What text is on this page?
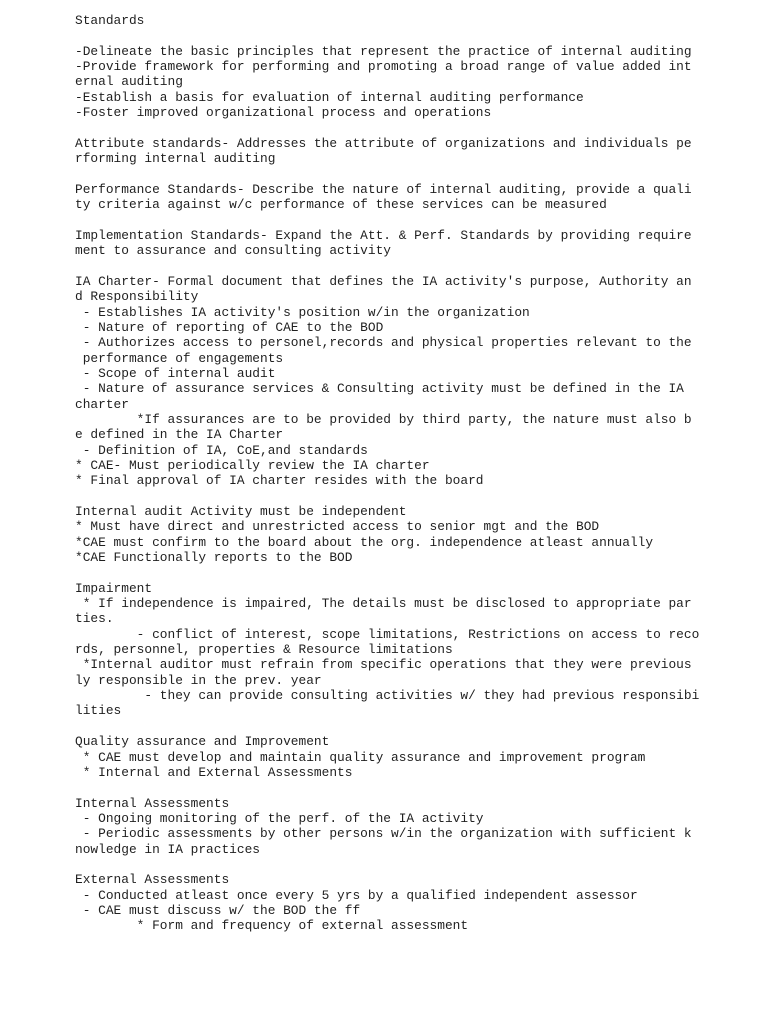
Standards
-Delineate the basic principles that represent the practice of internal auditing
-Provide framework for performing and promoting a broad range of value added int
ernal auditing
-Establish a basis for evaluation of internal auditing performance
-Foster improved organizational process and operations
Attribute standards- Addresses the attribute of organizations and individuals pe
rforming internal auditing
Performance Standards- Describe the nature of internal auditing, provide a quali
ty criteria against w/c performance of these services can be measured
Implementation Standards- Expand the Att. & Perf. Standards by providing require
ment to assurance and consulting activity
IA Charter- Formal document that defines the IA activity's purpose, Authority an
d Responsibility
- Establishes IA activity's position w/in the organization
- Nature of reporting of CAE to the BOD
- Authorizes access to personel,records and physical properties relevant to the
performance of engagements
- Scope of internal audit
- Nature of assurance services & Consulting activity must be defined in the IA
charter
*If assurances are to be provided by third party, the nature must also b
e defined in the IA Charter
- Definition of IA, CoE,and standards
* CAE- Must periodically review the IA charter
* Final approval of IA charter resides with the board
Internal audit Activity must be independent
* Must have direct and unrestricted access to senior mgt and the BOD
*CAE must confirm to the board about the org. independence atleast annually
*CAE Functionally reports to the BOD
Impairment
* If independence is impaired, The details must be disclosed to appropriate par
ties.
- conflict of interest, scope limitations, Restrictions on access to reco
rds, personnel, properties & Resource limitations
*Internal auditor must refrain from specific operations that they were previous
ly responsible in the prev. year
- they can provide consulting activities w/ they had previous responsibi
lities
Quality assurance and Improvement
* CAE must develop and maintain quality assurance and improvement program
* Internal and External Assessments
Internal Assessments
- Ongoing monitoring of the perf. of the IA activity
- Periodic assessments by other persons w/in the organization with sufficient k
nowledge in IA practices
External Assessments
- Conducted atleast once every 5 yrs by a qualified independent assessor
- CAE must discuss w/ the BOD the ff
* Form and frequency of external assessment
